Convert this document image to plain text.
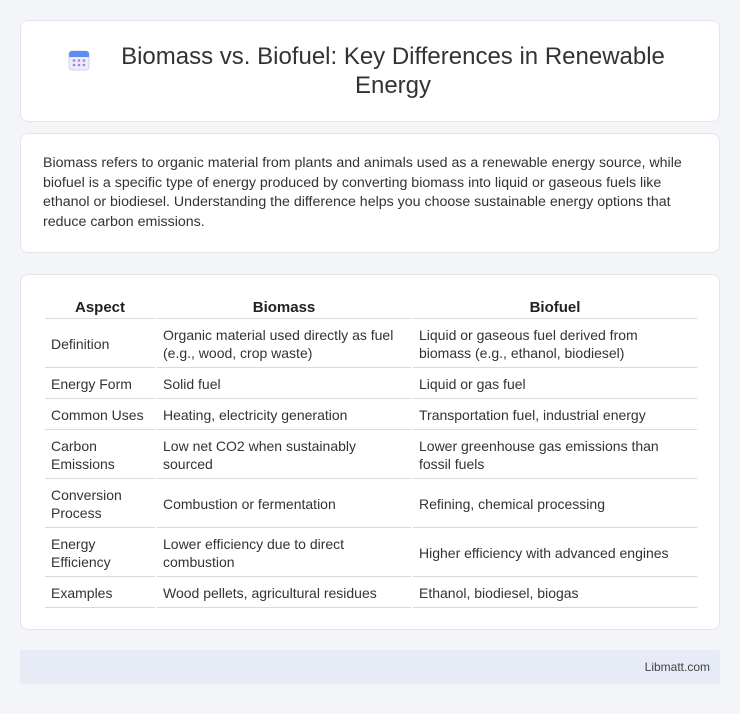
Biomass vs. Biofuel: Key Differences in Renewable Energy

Biomass refers to organic material from plants and animals used as a renewable energy source, while biofuel is a specific type of energy produced by converting biomass into liquid or gaseous fuels like ethanol or biodiesel. Understanding the difference helps you choose sustainable energy options that reduce carbon emissions.

Aspect	Biomass	Biofuel
Definition	Organic material used directly as fuel (e.g., wood, crop waste)	Liquid or gaseous fuel derived from biomass (e.g., ethanol, biodiesel)
Energy Form	Solid fuel	Liquid or gas fuel
Common Uses	Heating, electricity generation	Transportation fuel, industrial energy
Carbon Emissions	Low net CO2 when sustainably sourced	Lower greenhouse gas emissions than fossil fuels
Conversion Process	Combustion or fermentation	Refining, chemical processing
Energy Efficiency	Lower efficiency due to direct combustion	Higher efficiency with advanced engines
Examples	Wood pellets, agricultural residues	Ethanol, biodiesel, biogas
Libmatt.com
